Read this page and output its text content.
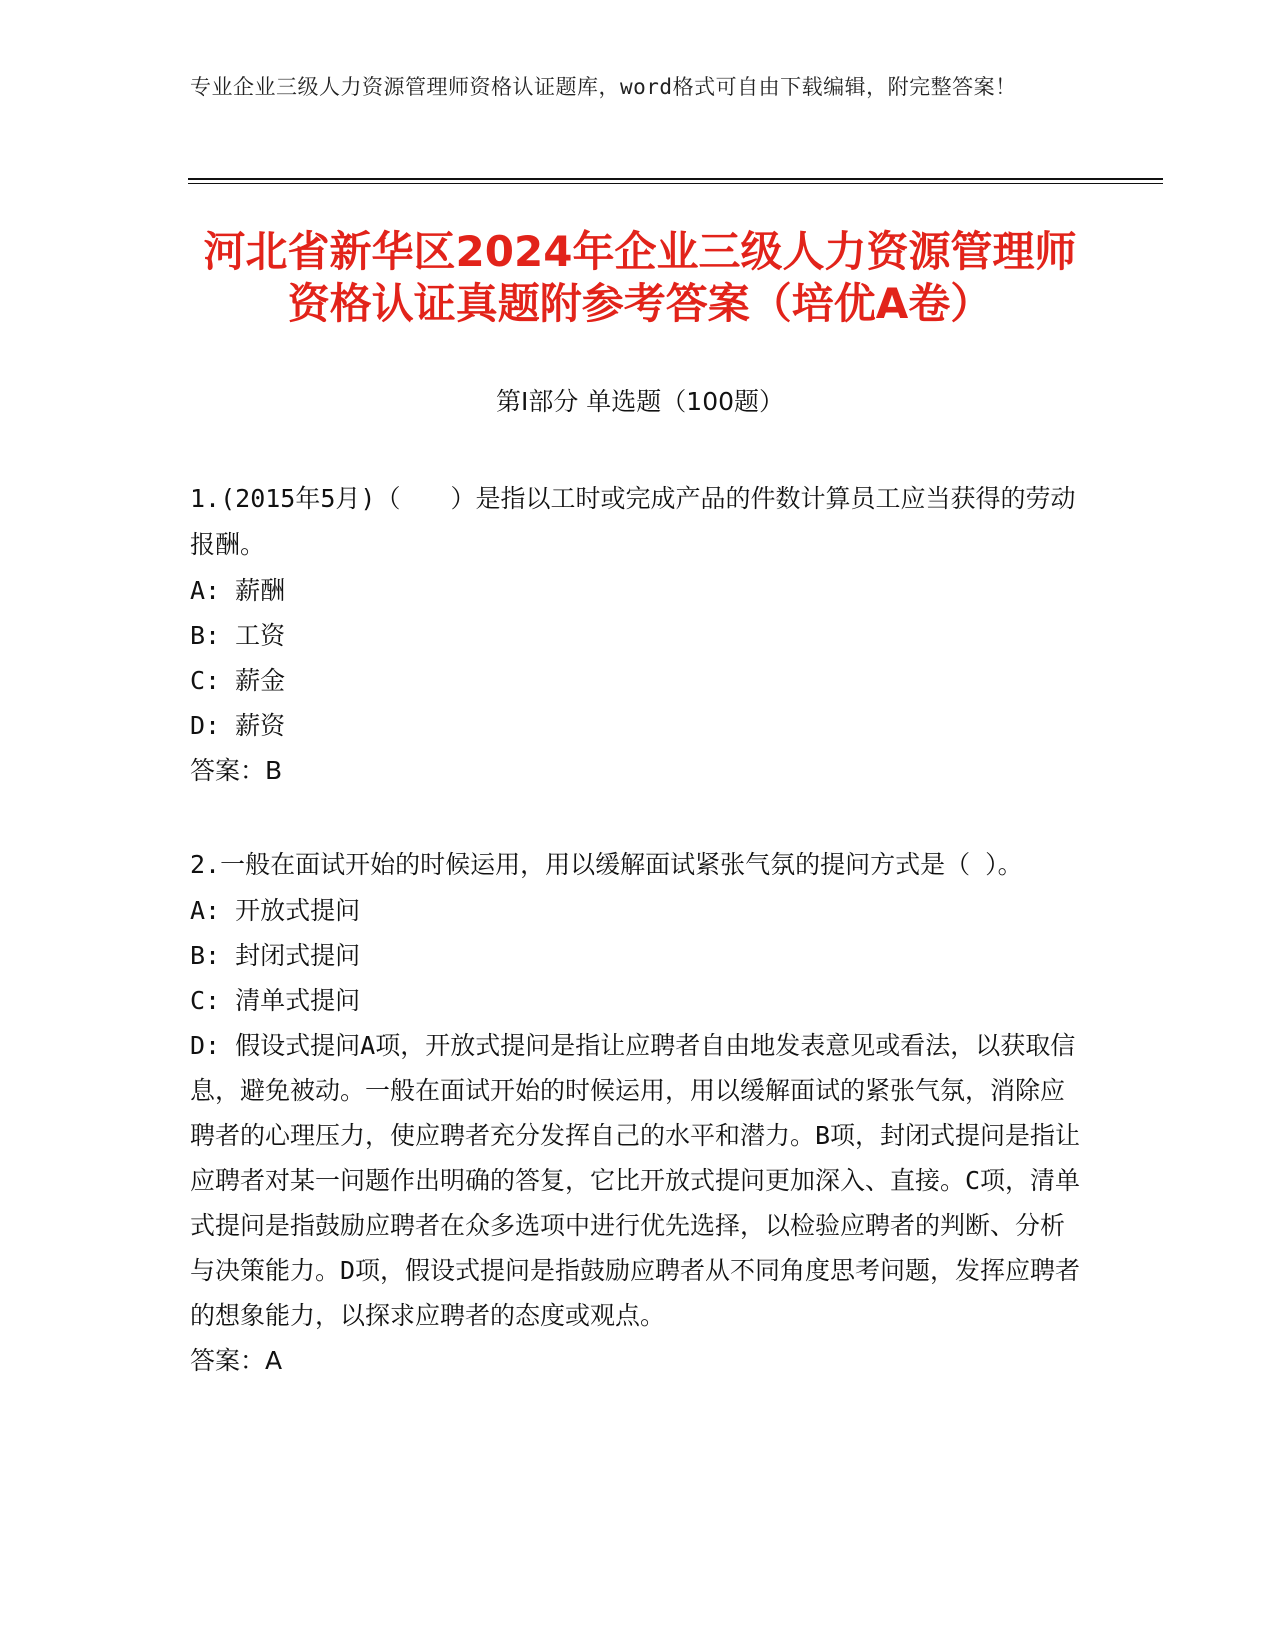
专业企业三级人力资源管理师资格认证题库，word格式可自由下载编辑，附完整答案！
河北省新华区2024年企业三级人力资源管理师资格认证真题附参考答案（培优A卷）
第Ⅰ部分 单选题（100题）

1.(2015年5月)（　　）是指以工时或完成产品的件数计算员工应当获得的劳动报酬。

A: 薪酬

B: 工资

C: 薪金

D: 薪资

答案：B

2.一般在面试开始的时候运用，用以缓解面试紧张气氛的提问方式是（ ）。

A: 开放式提问

B: 封闭式提问

C: 清单式提问

D: 假设式提问A项，开放式提问是指让应聘者自由地发表意见或看法，以获取信息，避免被动。一般在面试开始的时候运用，用以缓解面试的紧张气氛，消除应聘者的心理压力，使应聘者充分发挥自己的水平和潜力。B项，封闭式提问是指让应聘者对某一问题作出明确的答复，它比开放式提问更加深入、直接。C项，清单式提问是指鼓励应聘者在众多选项中进行优先选择，以检验应聘者的判断、分析与决策能力。D项，假设式提问是指鼓励应聘者从不同角度思考问题，发挥应聘者的想象能力，以探求应聘者的态度或观点。

答案：A
